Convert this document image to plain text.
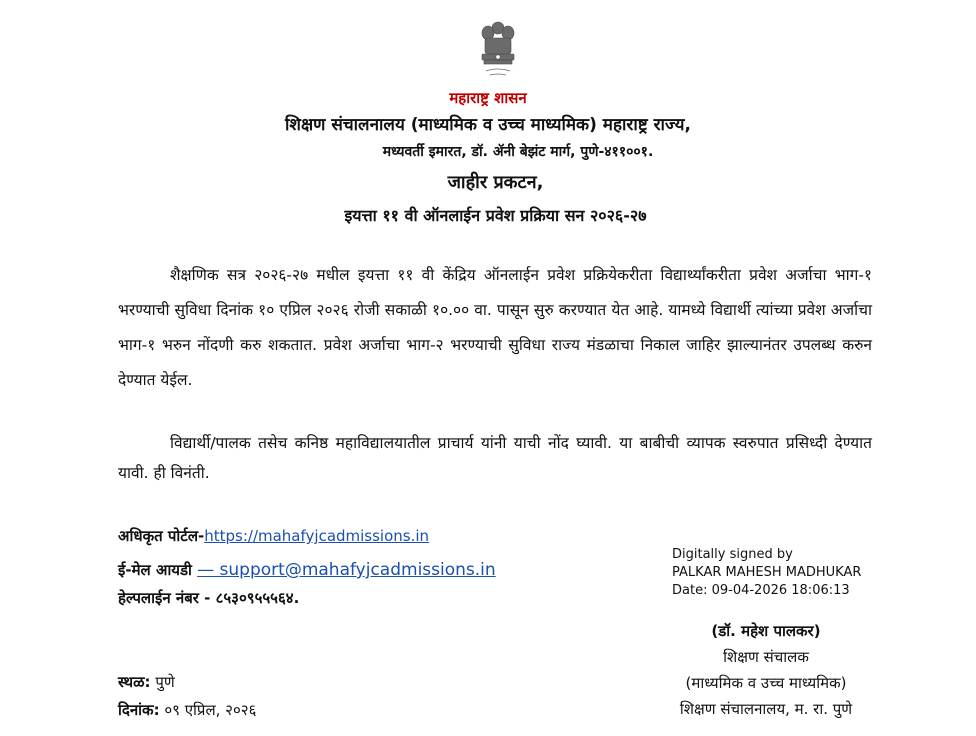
महाराष्ट्र शासन
शिक्षण संचालनालय (माध्यमिक व उच्च माध्यमिक) महाराष्ट्र राज्य,
मध्यवर्ती इमारत, डॉ. ॲनी बेझंट मार्ग, पुणे-४११००१.
जाहीर प्रकटन,
इयत्ता ११ वी ऑनलाईन प्रवेश प्रक्रिया सन २०२६-२७

शैक्षणिक सत्र २०२६-२७ मधील इयत्ता ११ वी केंद्रिय ऑनलाईन प्रवेश प्रक्रियेकरीता विद्यार्थ्यांकरीता प्रवेश अर्जाचा भाग-१ भरण्याची सुविधा दिनांक १० एप्रिल २०२६ रोजी सकाळी १०.०० वा. पासून सुरु करण्यात येत आहे. यामध्ये विद्यार्थी त्यांच्या प्रवेश अर्जाचा भाग-१ भरुन नोंदणी करु शकतात. प्रवेश अर्जाचा भाग-२ भरण्याची सुविधा राज्य मंडळाचा निकाल जाहिर झाल्यानंतर उपलब्ध करुन देण्यात येईल.

विद्यार्थी/पालक तसेच कनिष्ठ महाविद्यालयातील प्राचार्य यांनी याची नोंद घ्यावी. या बाबीची व्यापक स्वरुपात प्रसिध्दी देण्यात यावी. ही विनंती.

अधिकृत पोर्टल-https://mahafyjcadmissions.in
ई-मेल आयडी — support@mahafyjcadmissions.in
हेल्पलाईन नंबर - ८५३०९५५५६४.
Digitally signed by
PALKAR MAHESH MADHUKAR
Date: 09-04-2026 18:06:13
(डॉ. महेश पालकर)
शिक्षण संचालक
(माध्यमिक व उच्च माध्यमिक)
शिक्षण संचालनालय, म. रा. पुणे
स्थळ: पुणे
दिनांक: ०९ एप्रिल, २०२६
